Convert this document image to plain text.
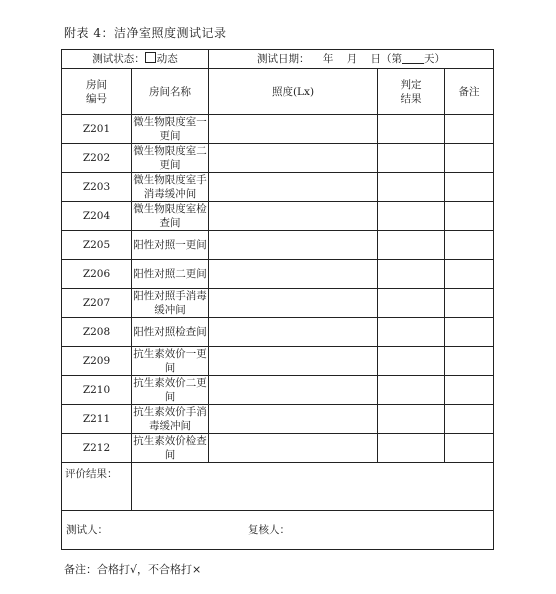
附表 4：洁净室照度测试记录
测试状态： 动态		测试日期： 年 月 日（第 天）		
房间编号	房间名称	照度(Lx)	判定结果	备注
Z201	微生物限度室一更间			
Z202	微生物限度室二更间			
Z203	微生物限度室手消毒缓冲间			
Z204	微生物限度室检查间			
Z205	阳性对照一更间			
Z206	阳性对照二更间			
Z207	阳性对照手消毒缓冲间			
Z208	阳性对照检查间			
Z209	抗生素效价一更间			
Z210	抗生素效价二更间			
Z211	抗生素效价手消毒缓冲间			
Z212	抗生素效价检查间			
评价结果：				
测试人： 复核人：				
备注：合格打√，不合格打×
